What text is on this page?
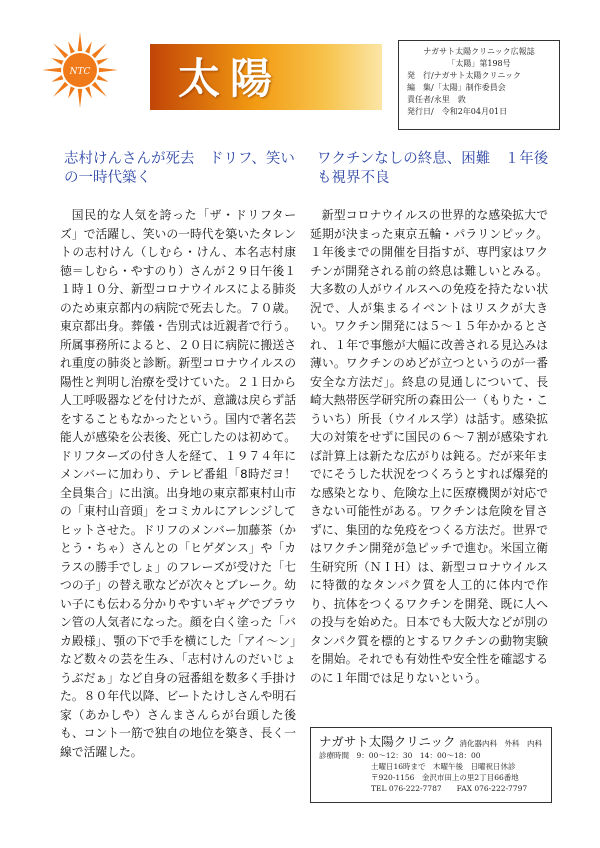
NTC 太陽
ナガサト太陽クリニック広報誌
「太陽」第198号
発　行/ナガサト太陽クリニック
編　集/「太陽」制作委員会
責任者/永里　敦
発行日/　令和2年04月01日
志村けんさんが死去　ドリフ、笑いの一時代築く
ワクチンなしの終息、困難　１年後も視界不良
国民的な人気を誇った「ザ・ドリフターズ」で活躍し、笑いの一時代を築いたタレントの志村けん（しむら・けん、本名志村康徳＝しむら・やすのり）さんが２９日午後１１時１０分、新型コロナウイルスによる肺炎のため東京都内の病院で死去した。７０歳。東京都出身。葬儀・告別式は近親者で行う。所属事務所によると、２０日に病院に搬送され重度の肺炎と診断。新型コロナウイルスの陽性と判明し治療を受けていた。２１日から人工呼吸器などを付けたが、意識は戻らず話をすることもなかったという。国内で著名芸能人が感染を公表後、死亡したのは初めて。ドリフターズの付き人を経て、１９７４年にメンバーに加わり、テレビ番組「8時だヨ！全員集合」に出演。出身地の東京都東村山市の「東村山音頭」をコミカルにアレンジしてヒットさせた。ドリフのメンバー加藤茶（かとう・ちゃ）さんとの「ヒゲダンス」や「カラスの勝手でしょ」のフレーズが受けた「七つの子」の替え歌などが次々とブレーク。幼い子にも伝わる分かりやすいギャグでブラウン管の人気者になった。顔を白く塗った「バカ殿様」、顎の下で手を横にした「アイ～ン」など数々の芸を生み、「志村けんのだいじょうぶだぁ」など自身の冠番組を数多く手掛けた。８０年代以降、ビートたけしさんや明石家（あかしや）さんまさんらが台頭した後も、コント一筋で独自の地位を築き、長く一線で活躍した。
新型コロナウイルスの世界的な感染拡大で延期が決まった東京五輪・パラリンピック。１年後までの開催を目指すが、専門家はワクチンが開発される前の終息は難しいとみる。大多数の人がウイルスへの免疫を持たない状況で、人が集まるイベントはリスクが大きい。ワクチン開発には５～１５年かかるとされ、１年で事態が大幅に改善される見込みは薄い。ワクチンのめどが立つというのが一番安全な方法だ」。終息の見通しについて、長崎大熱帯医学研究所の森田公一（もりた・こういち）所長（ウイルス学）は話す。感染拡大の対策をせずに国民の６～７割が感染すれば計算上は新たな広がりは鈍る。だが来年までにそうした状況をつくろうとすれば爆発的な感染となり、危険な上に医療機関が対応できない可能性がある。ワクチンは危険を冒さずに、集団的な免疫をつくる方法だ。世界ではワクチン開発が急ピッチで進む。米国立衛生研究所（ＮＩＨ）は、新型コロナウイルスに特徴的なタンパク質を人工的に体内で作り、抗体をつくるワクチンを開発、既に人への投与を始めた。日本でも大阪大などが別のタンパク質を標的とするワクチンの動物実験を開始。それでも有効性や安全性を確認するのに１年間では足りないという。
ナガサト太陽クリニック 消化器内科　外科　内科
診療時間　 9：00～12：30　14：00～18：00
土曜日16時まで　木曜午後　日曜祝日休診
〒920-1156　金沢市田上の里2丁目66番地
TEL 076-222-7787　　 FAX 076-222-7797
